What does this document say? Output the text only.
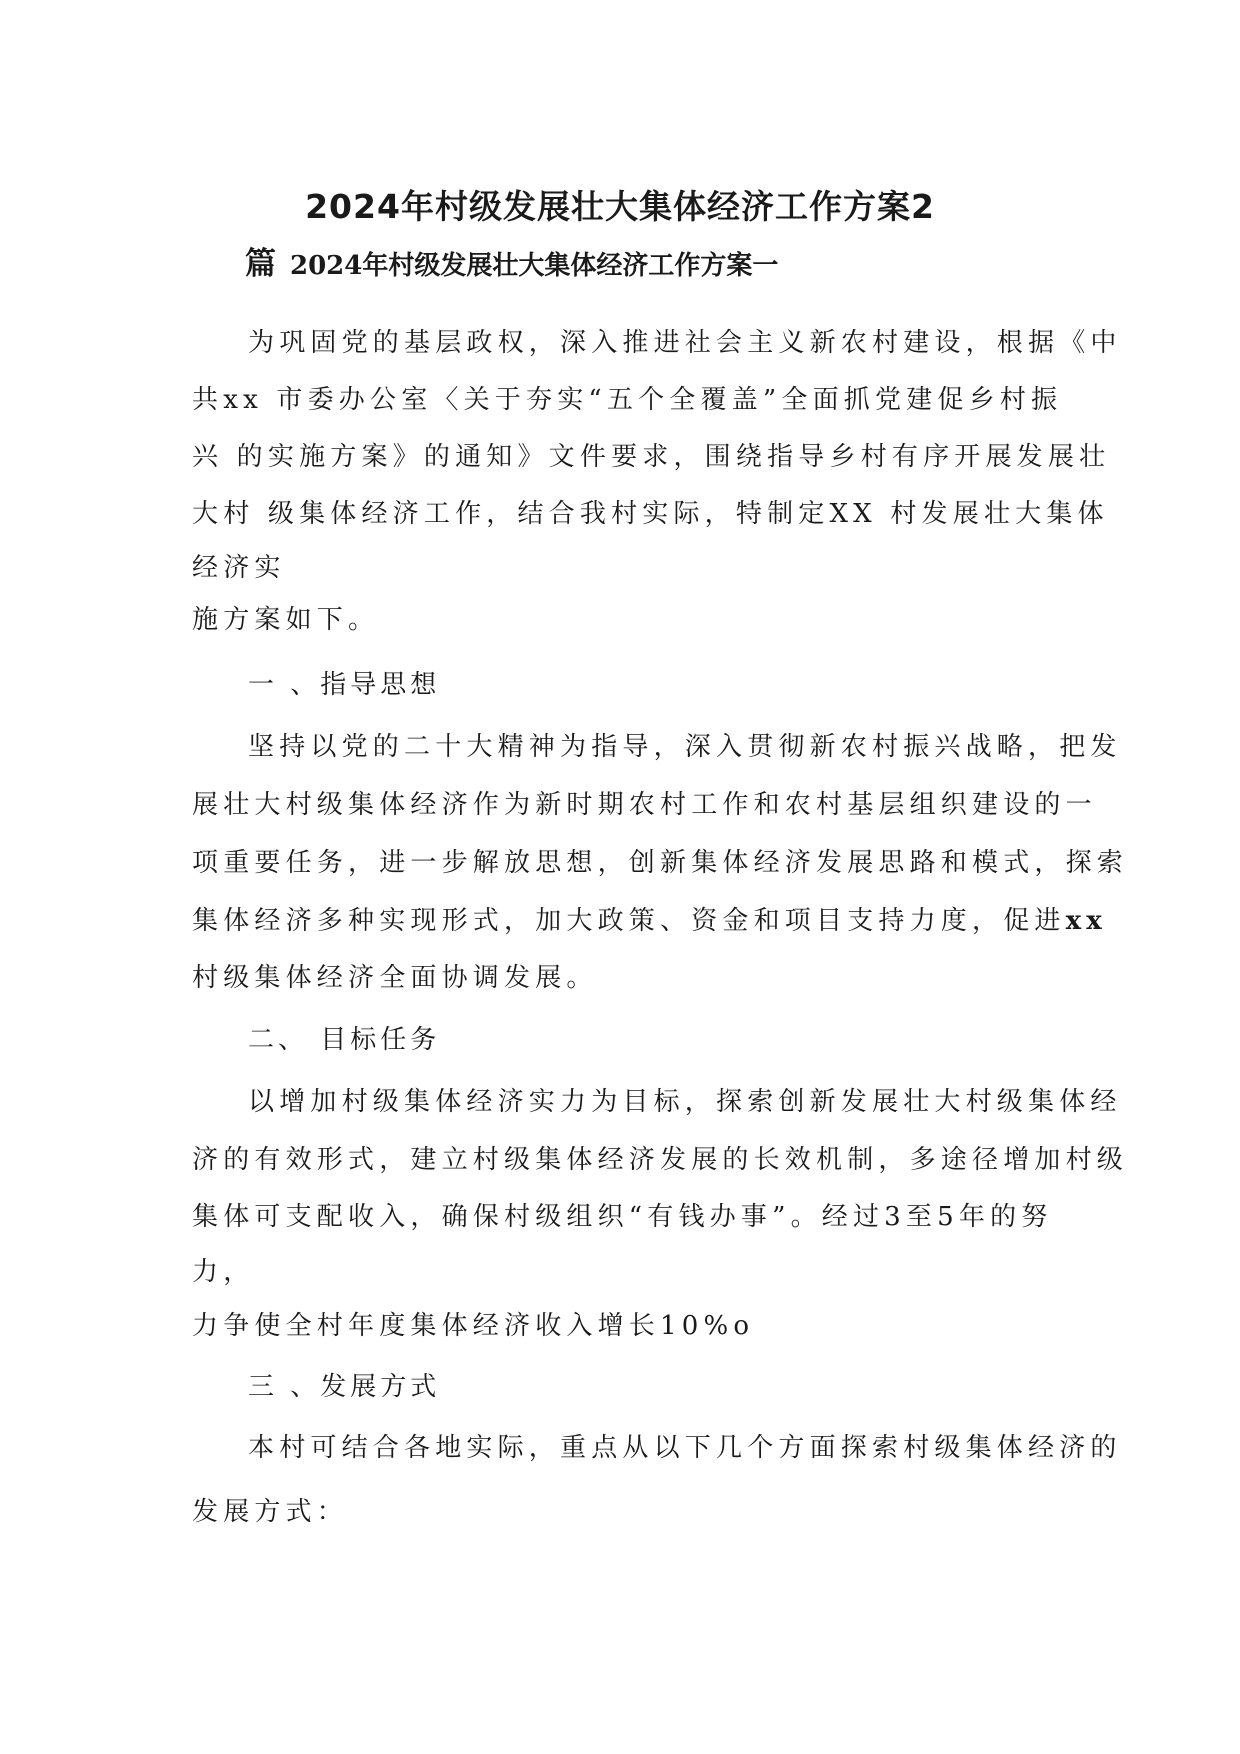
2024年村级发展壮大集体经济工作方案2
篇 2024年村级发展壮大集体经济工作方案一
为巩固党的基层政权，深入推进社会主义新农村建设，根据《中
共xx 市委办公室〈关于夯实“五个全覆盖”全面抓党建促乡村振
兴 的实施方案》的通知》文件要求，围绕指导乡村有序开展发展壮
大村 级集体经济工作，结合我村实际，特制定XX 村发展壮大集体
经济实
施方案如下。
一 、指导思想
坚持以党的二十大精神为指导，深入贯彻新农村振兴战略，把发
展壮大村级集体经济作为新时期农村工作和农村基层组织建设的一
项重要任务，进一步解放思想，创新集体经济发展思路和模式，探索
集体经济多种实现形式，加大政策、资金和项目支持力度，促进xx
村级集体经济全面协调发展。
二、 目标任务
以增加村级集体经济实力为目标，探索创新发展壮大村级集体经
济的有效形式，建立村级集体经济发展的长效机制，多途径增加村级
集体可支配收入，确保村级组织“有钱办事”。经过3至5年的努
力，
力争使全村年度集体经济收入增长10%o
三 、发展方式
本村可结合各地实际，重点从以下几个方面探索村级集体经济的
发展方式：
